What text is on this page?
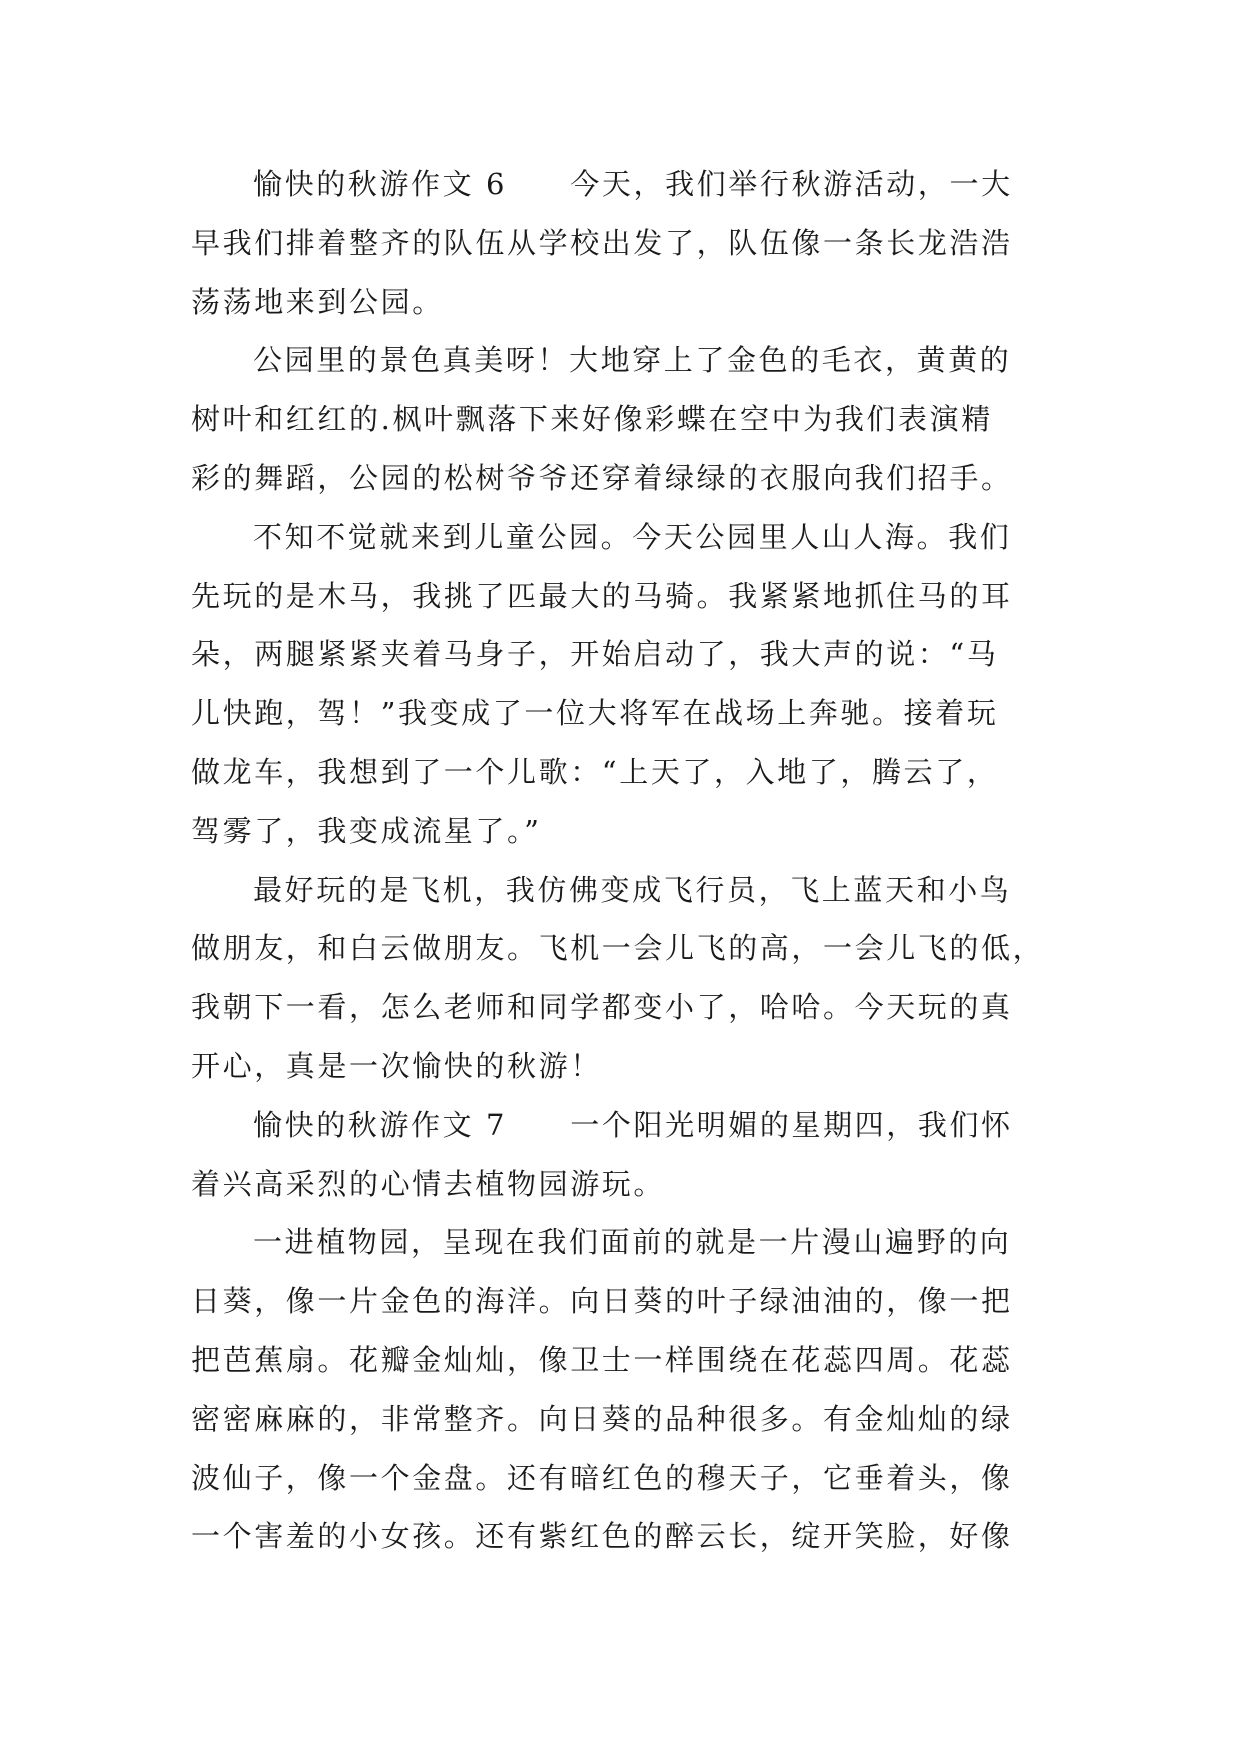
愉快的秋游作文 6　　今天，我们举行秋游活动，一大
早我们排着整齐的队伍从学校出发了，队伍像一条长龙浩浩
荡荡地来到公园。
公园里的景色真美呀！大地穿上了金色的毛衣，黄黄的
树叶和红红的.枫叶飘落下来好像彩蝶在空中为我们表演精
彩的舞蹈，公园的松树爷爷还穿着绿绿的衣服向我们招手。
不知不觉就来到儿童公园。今天公园里人山人海。我们
先玩的是木马，我挑了匹最大的马骑。我紧紧地抓住马的耳
朵，两腿紧紧夹着马身子，开始启动了，我大声的说：“马
儿快跑，驾！”我变成了一位大将军在战场上奔驰。接着玩
做龙车，我想到了一个儿歌：“上天了，入地了，腾云了，
驾雾了，我变成流星了。”
最好玩的是飞机，我仿佛变成飞行员，飞上蓝天和小鸟
做朋友，和白云做朋友。飞机一会儿飞的高，一会儿飞的低，
我朝下一看，怎么老师和同学都变小了，哈哈。今天玩的真
开心，真是一次愉快的秋游！
愉快的秋游作文 7　　一个阳光明媚的星期四，我们怀
着兴高采烈的心情去植物园游玩。
一进植物园，呈现在我们面前的就是一片漫山遍野的向
日葵，像一片金色的海洋。向日葵的叶子绿油油的，像一把
把芭蕉扇。花瓣金灿灿，像卫士一样围绕在花蕊四周。花蕊
密密麻麻的，非常整齐。向日葵的品种很多。有金灿灿的绿
波仙子，像一个金盘。还有暗红色的穆天子，它垂着头，像
一个害羞的小女孩。还有紫红色的醉云长，绽开笑脸，好像
